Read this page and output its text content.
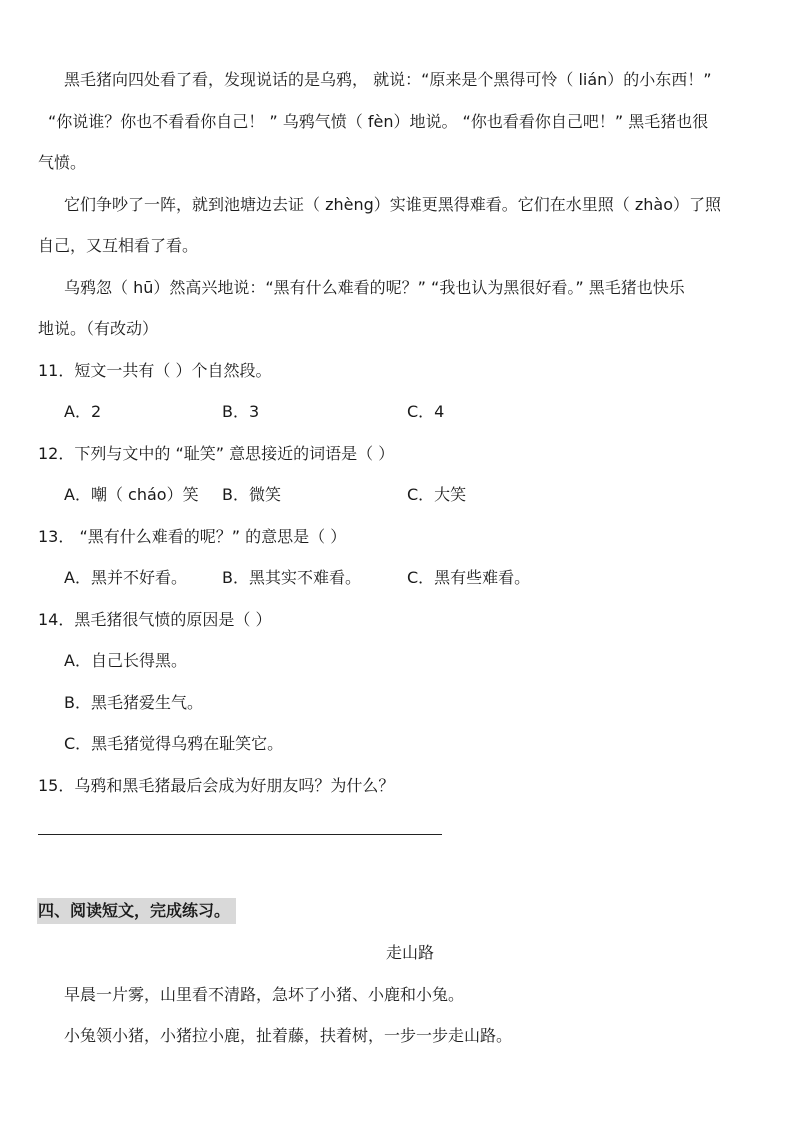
黑毛猪向四处看了看，发现说话的是乌鸦， 就说：“原来是个黑得可怜（ lián）的小东西！”
“你说谁？你也不看看你自己！ ” 乌鸦气愤（ fèn）地说。 “你也看看你自己吧！” 黑毛猪也很
气愤。
它们争吵了一阵，就到池塘边去证（ zhèng）实谁更黑得难看。它们在水里照（ zhào）了照
自己，又互相看了看。
乌鸦忽（ hū）然高兴地说：“黑有什么难看的呢？” “我也认为黑很好看。” 黑毛猪也快乐
地说。（有改动）
11．短文一共有（ ）个自然段。
A．2	B．3	C．4
12．下列与文中的 “耻笑” 意思接近的词语是（ ）
A．嘲（ cháo）笑 B．微笑	C．大笑
13． “黑有什么难看的呢？” 的意思是（ ）
A．黑并不好看。 B．黑其实不难看。	C．黑有些难看。
14．黑毛猪很气愤的原因是（ ）
A．自己长得黑。
B．黑毛猪爱生气。
C．黑毛猪觉得乌鸦在耻笑它。
15．乌鸦和黑毛猪最后会成为好朋友吗？为什么？
四、阅读短文，完成练习。
走山路
早晨一片雾，山里看不清路，急坏了小猪、小鹿和小兔。
小兔领小猪，小猪拉小鹿，扯着藤，扶着树，一步一步走山路。
